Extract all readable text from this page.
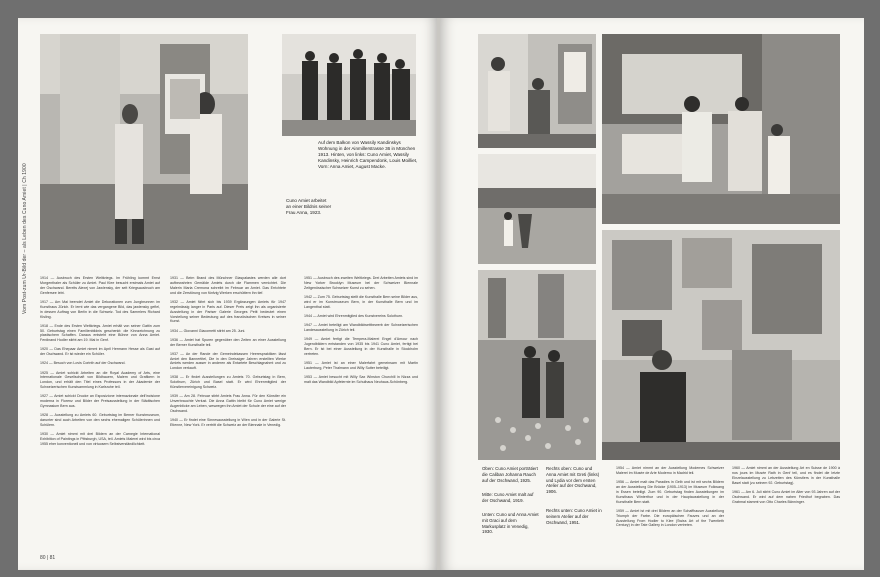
Vom Post-zum Ur-Bild der – als Leben des Cuno Amiet | Ch 1900
Auf dem Balkon von Wassily Kandinskys Wohnung in der Ainmillerstrasse 36 in München 1913. Hinten, von links: Cuno Amiet, Wassily Kandinsky, Heinrich Campendonk, Louis Moilliet, Vorn: Anna Amiet, August Macke.
Cuno Amiet arbeitet an einer Bildnis seiner Frau Anna, 1923.

1914 — Ausbruch des Ersten Weltkriegs. Im Frühling kommt Ernst Morgenthaler als Schüler zu Amiet. Paul Klee besucht erstmals Amiet auf der Oschwand. Bereits Alexej von Jawlensky, der seit Kriegsausbruch am Genfersee lebt.

1917 — Am Mai beendet Amiet die Dekorationen zum Jungbrunnen im Kunsthaus Zürich. Er lernt wie das vergangene Bild, das jawlensky gefiel, in dessen Auftrag von Berlin in die Schweiz. Tod des Sammlers Richard Kisling.

1918 — Ende des Ersten Weltkriegs. Amiet erhält von seiner Gattin zum 50. Geburtstag einen Familienbildnis geschenkt: die Kinnzeichnung zu plastischem Schaffen. Daraus entsteht eine Bühne von Anna Amiet. Ferdinand Hodler stirbt am 19. Mai in Genf.

1920 — Das Ehepaar Amiet nimmt im April Hermann Hesse als Gast auf der Oschwand. Er ist wieder ein Schüler.

1924 — Besuch von Lovis Corinth auf der Oschwand.

1925 — Amiet schickt Arbeiten an die Royal Academy of Arts, eine Internationale Gesellschaft von Bildhauern, Malern und Grafikern in London, und erhält den Titel eines Professors in der Akademie der Schweizerischen Kunstsammlung in Karlsruhe teil.

1927 — Amiet schickt Drucke an Esposizione internazionale dell'incisione moderna in Florenz und Bilder der Preisausstellung in der Städtischen Gymnasium Bern aus.

1928 — Ausstellung zu Amiets 60. Geburtstag im Berner Kunstmuseum, darunter sind auch Arbeiten von den sechs ehemaligen Schülerinnen und Schülern.

1930 — Amiet nimmt mit drei Bildern an der Carnegie International Exhibition of Paintings in Pittsburgh, USA, teil. Amiets Malerei wird bis circa 1955 eher konventionell und von virtuosem Selbstverständlichkeit.

1931 — Beim Brand des Münchner Glaspalastes werden alle dort aufbewahrten Gemälde Amiets durch die Flammen vernichtet. Die Malerin Maria Cremona schreibt im Februar an Amiet. Das Errichtete und die Zerstörung von fünfzig Werken erschüttern ihn tief.

1932 — Amiet fährt sich bis 1939 Ergänzungen Amiets für 1947 regelmässig langer in Paris auf. Dieser Preis zeigt ihn als organisierte Ausstellung in der Pariser Galerie Georges Petit bedeutet einen Vorstellung seiner Bedeutung auf des französischen Kreises in seiner Kunst.

1934 — Giovanni Giacometti stirbt am 25. Juni.

1936 — Amiet hat Spuren gegenüber den Zeiten an einer Ausstellung der Berner Kunsthalle teil.

1937 — An der Rande der Gemeindekassen Heerespraktiken lässt Amiet den Bannertitel, Die in den Dreissiger Jahren erstellten Werke Amiets werden ausser in anderen als Entartete Beschlagnahmt und zu London verkauft.

1938 — Er findet Ausstellungen zu Amiets 70. Geburtstag in Bern, Solothurn, Zürich und Basel statt. Er wird Ehrenmitglied der Künstlervereinigung Schweiz.

1939 — Am 28. Februar stirbt Amiets Frau Anna. Für den Künstler ein Unverbrauchte Verlust. Die Anna Gattin bleibt für Cuno Amiet wenige Augenblicke am Leben, weswegen ihn Amiet der Schule der eine auf der Oschwand.

1940 — Er findet eine Sinnesausstellung in Wien und in der Galerie St. Etienne, New York. Er vertritt die Schweiz an der Biennale in Venedig.

1951 — Ausbruch des zweiten Weltkriegs. Drei Arbeiten Amiets sind im New Yorker Brooklyn Museum bei der Schweizer Biennale Zeitgenössischer Schweizer Kunst zu sehen.

1942 — Zum 75. Geburtstag stellt die Kunsthalle Bern seine Bilder aus, wird er im Kunstmuseum Bern, in der Kunsthalle Bern und im Langenthal statt.

1944 — Amiet wird Ehrenmitglied des Kunstvereins Solothurn.

1947 — Amiet beteiligt am Wandbildwettbewerb der Schweizerischen Landesausstellung in Zürich teil.

1949 — Amiet fertigt die Tempera-Malerei Engel d'Amour nach Jugendbildern entstanden von 1935 bis 1941 Cuno Amiet, fertigt bei Bern. Er ist bei einer Ausstellung in der Kunsthalle in Stockholm vertreten.

1951 — Amiet ist an einer Malerfahrt gemeinsam mit Martin Lauterburg, Peter Thalmann und Willy Sutter beteiligt.

1953 — Amiet besucht mit Willy Sax Winston Churchill in Nizza und malt das Wandbild Apfelernte im Schulhaus Neuhaus-Schönberg.

80 | 81
Oben: Cuno Amiet porträtiert die Caliban Johanna Rauch auf der Oschwand, 1925.
Mitte: Cuno Amiet malt auf der Oschwand, 1919.
Unten: Cuno und Anna Amiet mit Graci auf dem Markusplatz in Venedig, 1930.
Rechts oben: Cuno und Anna Amiet mit Greti (links) und Lydia vor dem ersten Atelier auf der Oschwand, 1906.
Rechts unten: Cuno Amiet in seinem Atelier auf der Oschwand, 1951.

1954 — Amiet nimmt an der Ausstellung Modernes Schweizer Malerei im Musée de Arte Moderno in Madrid teil.

1956 — Amiet malt das Paradies in Gelb und ist mit sechs Bildern an der Ausstellung Die Brücke (1905–1913) im Museum Folkwang in Essen beteiligt. Zum 90. Geburtstag finden Ausstellungen im Kunsthaus Winterthur und in der Hauptausstellung in der Kunsthalle Bern statt.

1959 — Amiet ist mit drei Bildern an der Schaffhauser Ausstellung Triumph der Farbe. Die europäischen Fauves und an der Ausstellung From Hodler to Klee (Swiss Art of the Twentieth Century) in der Tate Gallery in London vertreten.

1960 — Amiet nimmt an der Ausstellung Art en Suisse de 1900 à nos jours im Musée Rath in Genf teil, und es findet die letzte Einzelausstellung zu Lebzeiten des Künstlers in der Kunsthalle Basel statt (zu seinem 92. Geburtstag).

1961 — Am 6. Juli stirbt Cuno Amiet im Alter von 93 Jahren auf der Oschwand. Er wird auf dem nahen Friedhof begraben. Das Grabmal stammt von Otto Charles Bänninger.
